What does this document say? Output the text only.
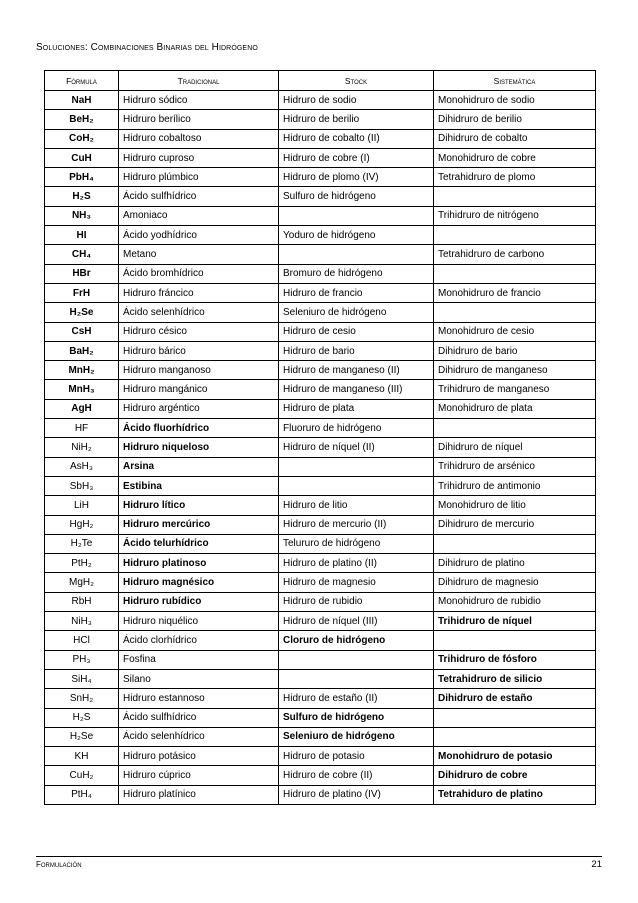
Soluciones: Combinaciones Binarias del Hidrógeno
Fórmula	Tradicional	Stock	Sistemática
NaH	Hidruro sódico	Hidruro de sodio	Monohidruro de sodio
BeH₂	Hidruro berílico	Hidruro de berilio	Dihidruro de berilio
CoH₂	Hidruro cobaltoso	Hidruro de cobalto (II)	Dihidruro de cobalto
CuH	Hidruro cuproso	Hidruro de cobre (I)	Monohidruro de cobre
PbH₄	Hidruro plúmbico	Hidruro de plomo (IV)	Tetrahidruro de plomo
H₂S	Ácido sulfhídrico	Sulfuro de hidrógeno	
NH₃	Amoniaco		Trihidruro de nitrógeno
HI	Ácido yodhídrico	Yoduro de hidrógeno	
CH₄	Metano		Tetrahidruro de carbono
HBr	Ácido bromhídrico	Bromuro de hidrógeno	
FrH	Hidruro fráncico	Hidruro de francio	Monohidruro de francio
H₂Se	Ácido selenhídrico	Seleniuro de hidrógeno	
CsH	Hidruro césico	Hidruro de cesio	Monohidruro de cesio
BaH₂	Hidruro bárico	Hidruro de bario	Dihidruro de bario
MnH₂	Hidruro manganoso	Hidruro de manganeso (II)	Dihidruro de manganeso
MnH₃	Hidruro mangánico	Hidruro de manganeso (III)	Trihidruro de manganeso
AgH	Hidruro argéntico	Hidruro de plata	Monohidruro de plata
HF	Ácido fluorhídrico	Fluoruro de hidrógeno	
NiH₂	Hidruro niqueloso	Hidruro de níquel (II)	Dihidruro de níquel
AsH₃	Arsina		Trihidruro de arsénico
SbH₃	Estibina		Trihidruro de antimonio
LiH	Hidruro lítico	Hidruro de litio	Monohidruro de litio
HgH₂	Hidruro mercúrico	Hidruro de mercurio (II)	Dihidruro de mercurio
H₂Te	Ácido telurhídrico	Telururo de hidrógeno	
PtH₂	Hidruro platinoso	Hidruro de platino (II)	Dihidruro de platino
MgH₂	Hidruro magnésico	Hidruro de magnesio	Dihidruro de magnesio
RbH	Hidruro rubídico	Hidruro de rubidio	Monohidruro de rubidio
NiH₃	Hidruro niquélico	Hidruro de níquel (III)	Trihidruro de níquel
HCl	Ácido clorhídrico	Cloruro de hidrógeno	
PH₃	Fosfina		Trihidruro de fósforo
SiH₄	Silano		Tetrahidruro de silicio
SnH₂	Hidruro estannoso	Hidruro de estaño (II)	Dihidruro de estaño
H₂S	Ácido sulfhídrico	Sulfuro de hidrógeno	
H₂Se	Ácido selenhídrico	Seleniuro de hidrógeno	
KH	Hidruro potásico	Hidruro de potasio	Monohidruro de potasio
CuH₂	Hidruro cúprico	Hidruro de cobre (II)	Dihidruro de cobre
PtH₄	Hidruro platínico	Hidruro de platino (IV)	Tetrahiduro de platino
Formulación	21
